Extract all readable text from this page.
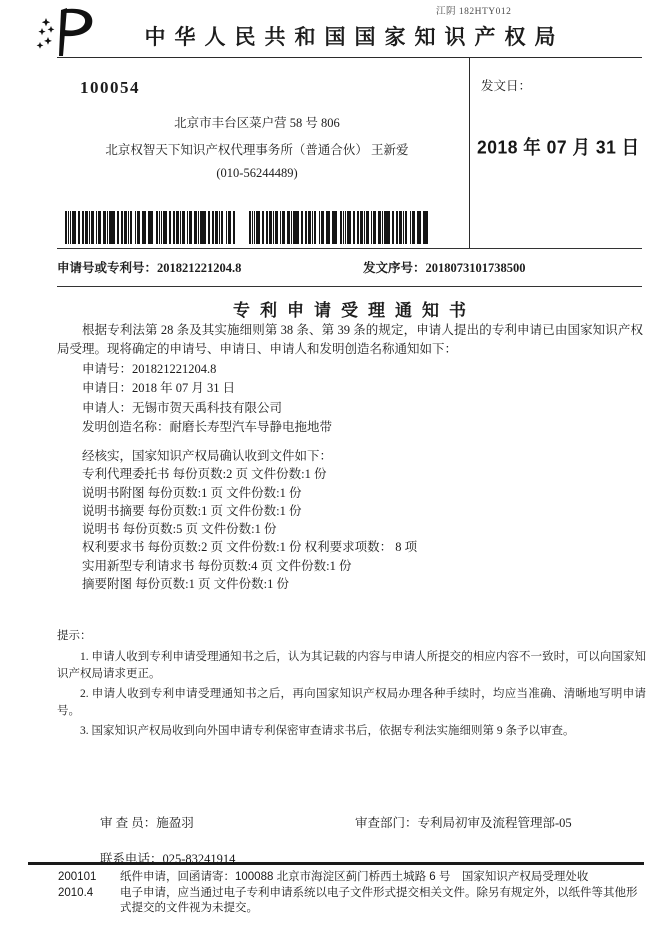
江阴 182HTY012
中华人民共和国国家知识产权局
100054
北京市丰台区菜户营 58 号 806
北京权智天下知识产权代理事务所（普通合伙） 王新爱
(010-56244489)
发文日：
2018 年 07 月 31 日
申请号或专利号：201821221204.8	发文序号：2018073101738500
专利申请受理通知书
根据专利法第 28 条及其实施细则第 38 条、第 39 条的规定，申请人提出的专利申请已由国家知识产权局受理。现将确定的申请号、申请日、申请人和发明创造名称通知如下：
申请号：201821221204.8
申请日：2018 年 07 月 31 日
申请人：无锡市贺天禹科技有限公司
发明创造名称：耐磨长寿型汽车导静电拖地带
经核实，国家知识产权局确认收到文件如下：
专利代理委托书 每份页数:2 页 文件份数:1 份
说明书附图 每份页数:1 页 文件份数:1 份
说明书摘要 每份页数:1 页 文件份数:1 份
说明书 每份页数:5 页 文件份数:1 份
权利要求书 每份页数:2 页 文件份数:1 份 权利要求项数： 8 项
实用新型专利请求书 每份页数:4 页 文件份数:1 份
摘要附图 每份页数:1 页 文件份数:1 份

提示：

1. 申请人收到专利申请受理通知书之后，认为其记载的内容与申请人所提交的相应内容不一致时，可以向国家知识产权局请求更正。

2. 申请人收到专利申请受理通知书之后，再向国家知识产权局办理各种手续时，均应当准确、清晰地写明申请号。

3. 国家知识产权局收到向外国申请专利保密审查请求书后，依据专利法实施细则第 9 条予以审查。

审 查 员：施盈羽	审查部门：专利局初审及流程管理部-05
联系电话：025-83241914
200101	纸件申请，回函请寄：100088 北京市海淀区蓟门桥西土城路 6 号　国家知识产权局受理处收
2010.4	电子申请，应当通过电子专利申请系统以电子文件形式提交相关文件。除另有规定外，以纸件等其他形式提交的文件视为未提交。
